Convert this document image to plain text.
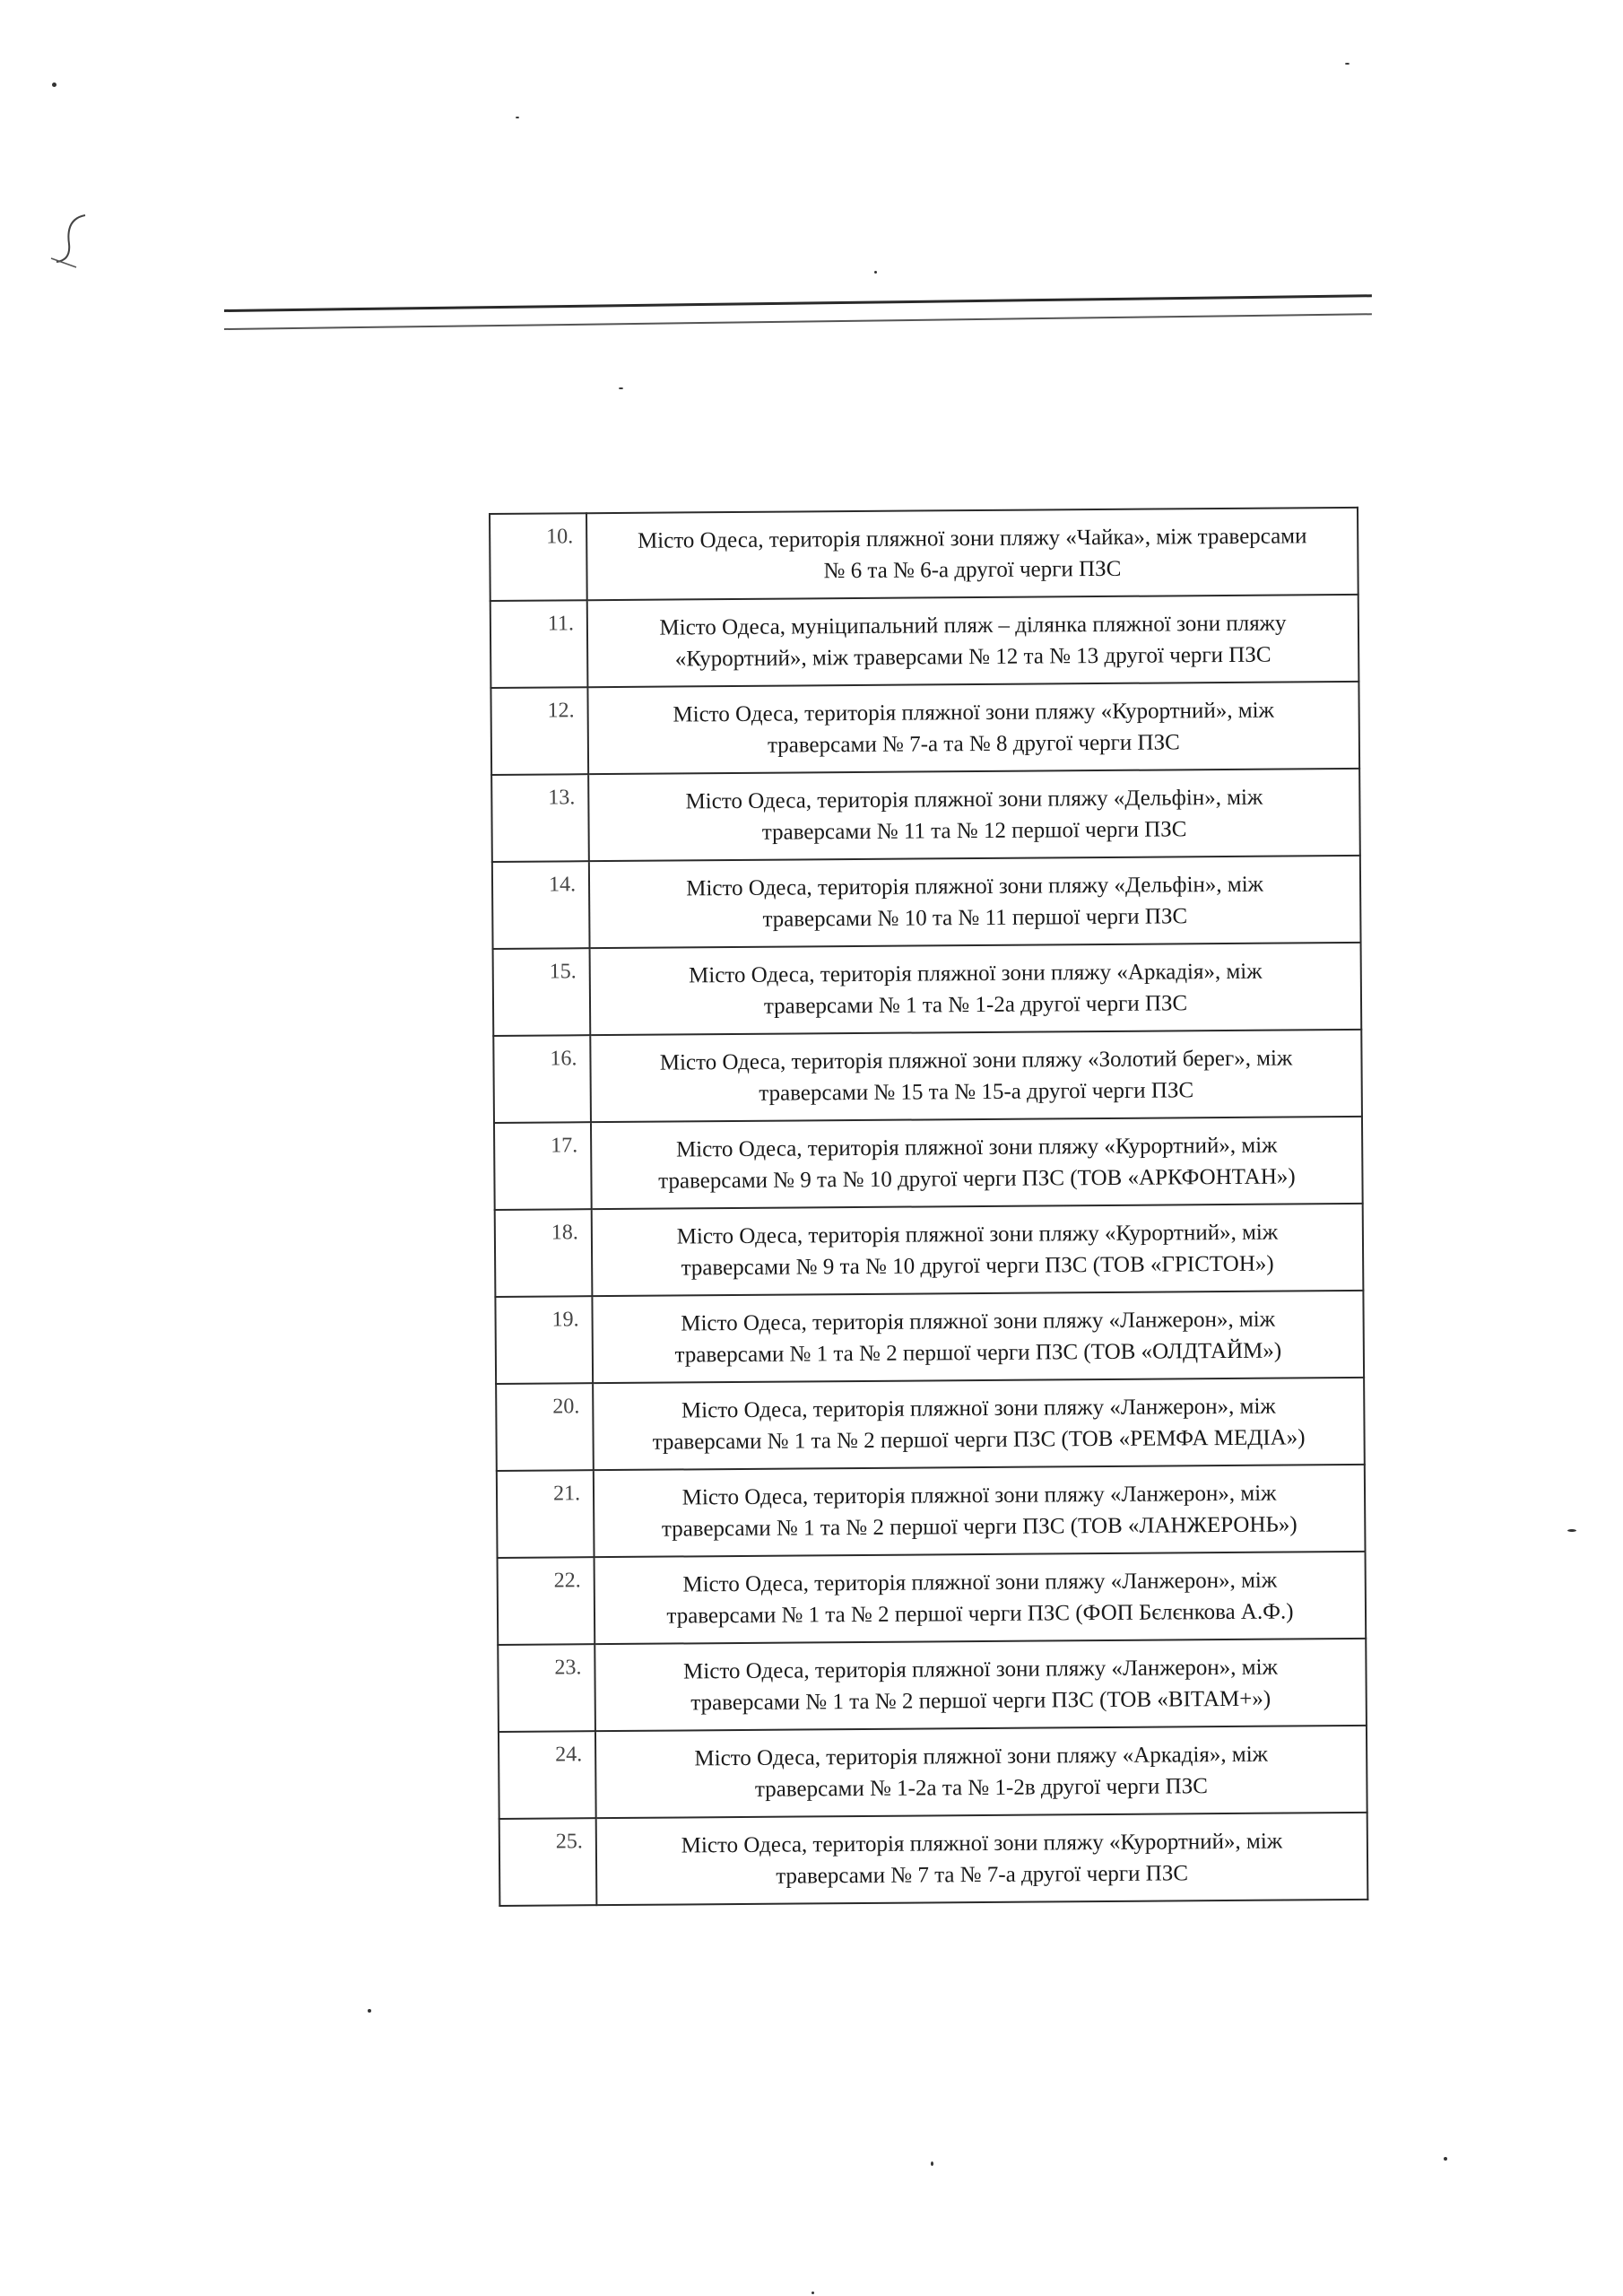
10.	Місто Одеса, територія пляжної зони пляжу «Чайка», між траверсами
№ 6 та № 6-а другої черги ПЗС

11.	Місто Одеса, муніципальний пляж – ділянка пляжної зони пляжу
«Курортний», між траверсами № 12 та № 13 другої черги ПЗС

12.	Місто Одеса, територія пляжної зони пляжу «Курортний», між
траверсами № 7-а та № 8 другої черги ПЗС

13.	Місто Одеса, територія пляжної зони пляжу «Дельфін», між
траверсами № 11 та № 12 першої черги ПЗС

14.	Місто Одеса, територія пляжної зони пляжу «Дельфін», між
траверсами № 10 та № 11 першої черги ПЗС

15.	Місто Одеса, територія пляжної зони пляжу «Аркадія», між
траверсами № 1 та № 1-2а другої черги ПЗС

16.	Місто Одеса, територія пляжної зони пляжу «Золотий берег», між
траверсами № 15 та № 15-а другої черги ПЗС

17.	Місто Одеса, територія пляжної зони пляжу «Курортний», між
траверсами № 9 та № 10 другої черги ПЗС (ТОВ «АРКФОНТАН»)

18.	Місто Одеса, територія пляжної зони пляжу «Курортний», між
траверсами № 9 та № 10 другої черги ПЗС (ТОВ «ГРІСТОН»)

19.	Місто Одеса, територія пляжної зони пляжу «Ланжерон», між
траверсами № 1 та № 2 першої черги ПЗС (ТОВ «ОЛДТАЙМ»)

20.	Місто Одеса, територія пляжної зони пляжу «Ланжерон», між
траверсами № 1 та № 2 першої черги ПЗС (ТОВ «РЕМФА МЕДІА»)

21.	Місто Одеса, територія пляжної зони пляжу «Ланжерон», між
траверсами № 1 та № 2 першої черги ПЗС (ТОВ «ЛАНЖЕРОНЬ»)

22.	Місто Одеса, територія пляжної зони пляжу «Ланжерон», між
траверсами № 1 та № 2 першої черги ПЗС (ФОП Бєлєнкова А.Ф.)

23.	Місто Одеса, територія пляжної зони пляжу «Ланжерон», між
траверсами № 1 та № 2 першої черги ПЗС (ТОВ «ВІТАМ+»)

24.	Місто Одеса, територія пляжної зони пляжу «Аркадія», між
траверсами № 1-2а та № 1-2в другої черги ПЗС

25.	Місто Одеса, територія пляжної зони пляжу «Курортний», між
траверсами № 7 та № 7-а другої черги ПЗС
